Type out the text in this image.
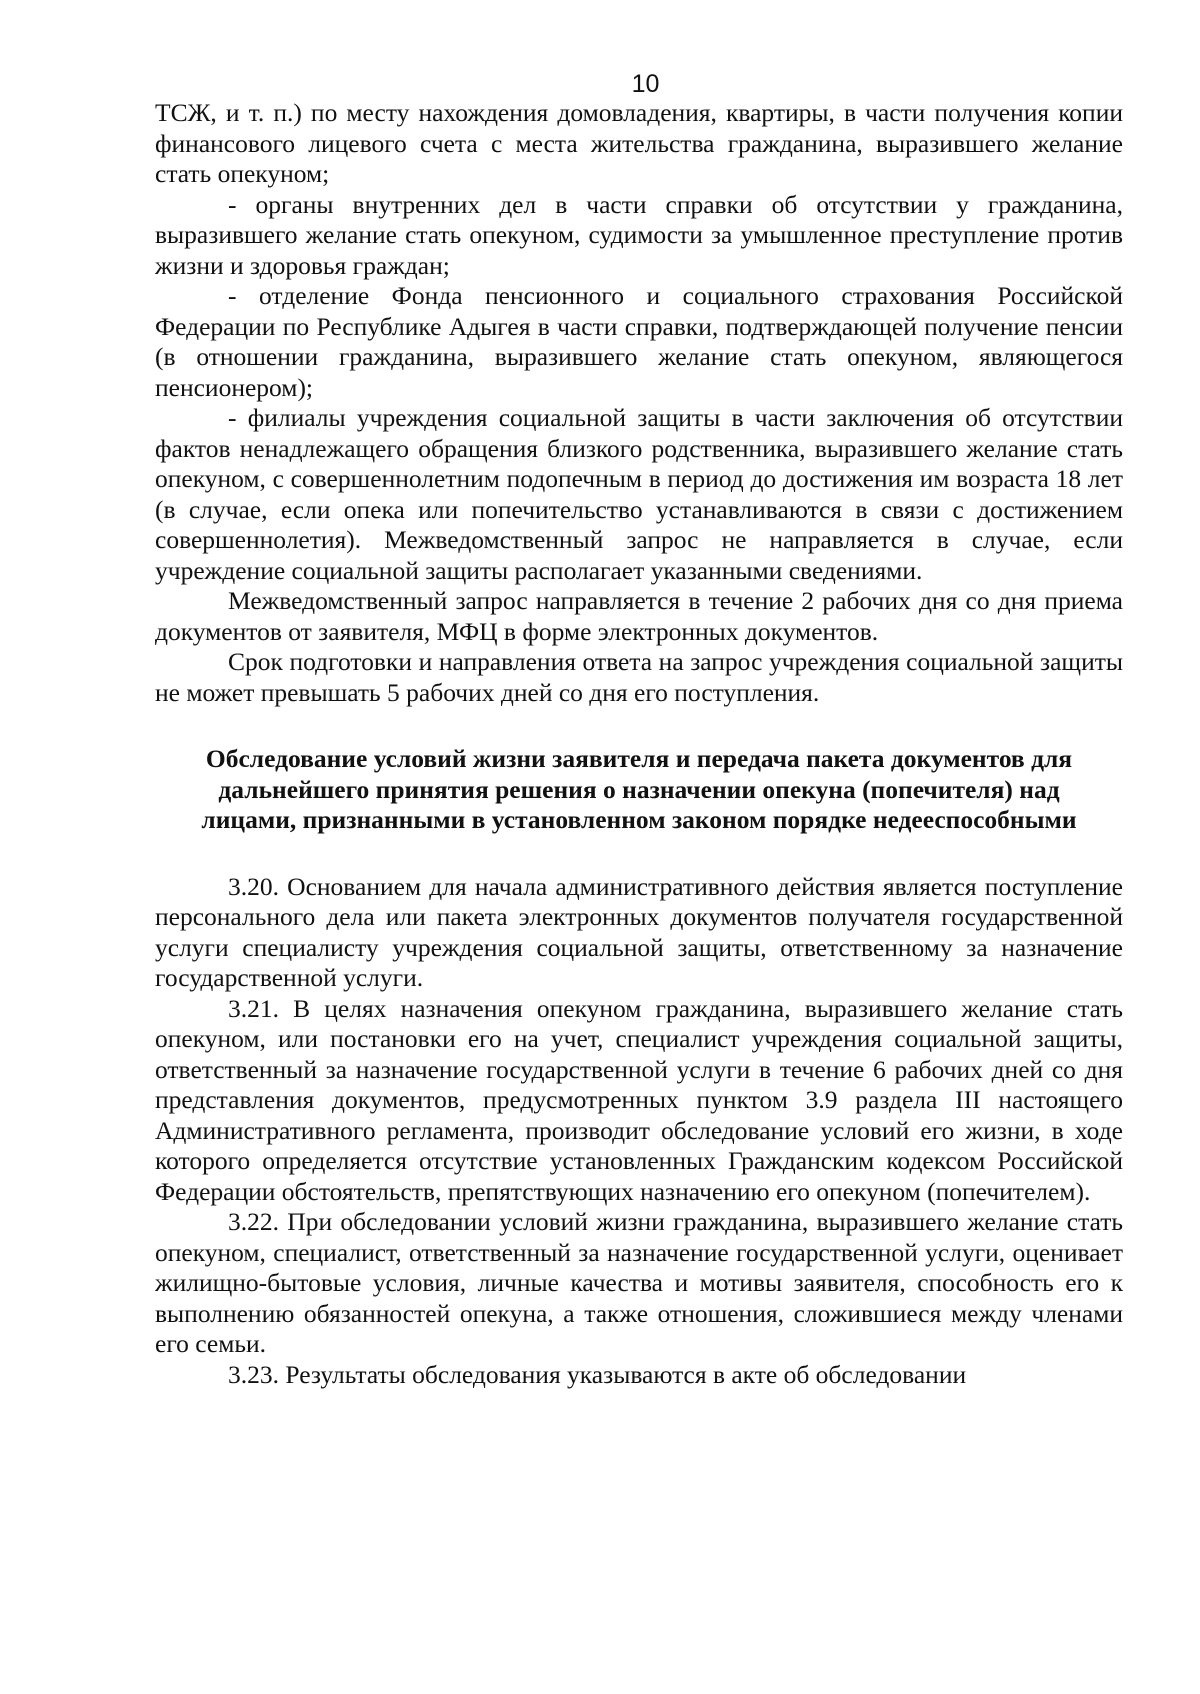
10

ТСЖ, и т. п.) по месту нахождения домовладения, квартиры, в части получения копии финансового лицевого счета с места жительства гражданина, выразившего желание стать опекуном;

- органы внутренних дел в части справки об отсутствии у гражданина, выразившего желание стать опекуном, судимости за умышленное преступление против жизни и здоровья граждан;

- отделение Фонда пенсионного и социального страхования Российской Федерации по Республике Адыгея в части справки, подтверждающей получение пенсии (в отношении гражданина, выразившего желание стать опекуном, являющегося пенсионером);

- филиалы учреждения социальной защиты в части заключения об отсутствии фактов ненадлежащего обращения близкого родственника, выразившего желание стать опекуном, с совершеннолетним подопечным в период до достижения им возраста 18 лет (в случае, если опека или попечительство устанавливаются в связи с достижением совершеннолетия). Межведомственный запрос не направляется в случае, если учреждение социальной защиты располагает указанными сведениями.

Межведомственный запрос направляется в течение 2 рабочих дня со дня приема документов от заявителя, МФЦ в форме электронных документов.

Срок подготовки и направления ответа на запрос учреждения социальной защиты не может превышать 5 рабочих дней со дня его поступления.

Обследование условий жизни заявителя и передача пакета документов для дальнейшего принятия решения о назначении опекуна (попечителя) над лицами, признанными в установленном законом порядке недееспособными

3.20. Основанием для начала административного действия является поступление персонального дела или пакета электронных документов получателя государственной услуги специалисту учреждения социальной защиты, ответственному за назначение государственной услуги.

3.21. В целях назначения опекуном гражданина, выразившего желание стать опекуном, или постановки его на учет, специалист учреждения социальной защиты, ответственный за назначение государственной услуги в течение 6 рабочих дней со дня представления документов, предусмотренных пунктом 3.9 раздела III настоящего Административного регламента, производит обследование условий его жизни, в ходе которого определяется отсутствие установленных Гражданским кодексом Российской Федерации обстоятельств, препятствующих назначению его опекуном (попечителем).

3.22. При обследовании условий жизни гражданина, выразившего желание стать опекуном, специалист, ответственный за назначение государственной услуги, оценивает жилищно-бытовые условия, личные качества и мотивы заявителя, способность его к выполнению обязанностей опекуна, а также отношения, сложившиеся между членами его семьи.

3.23. Результаты обследования указываются в акте об обследовании
